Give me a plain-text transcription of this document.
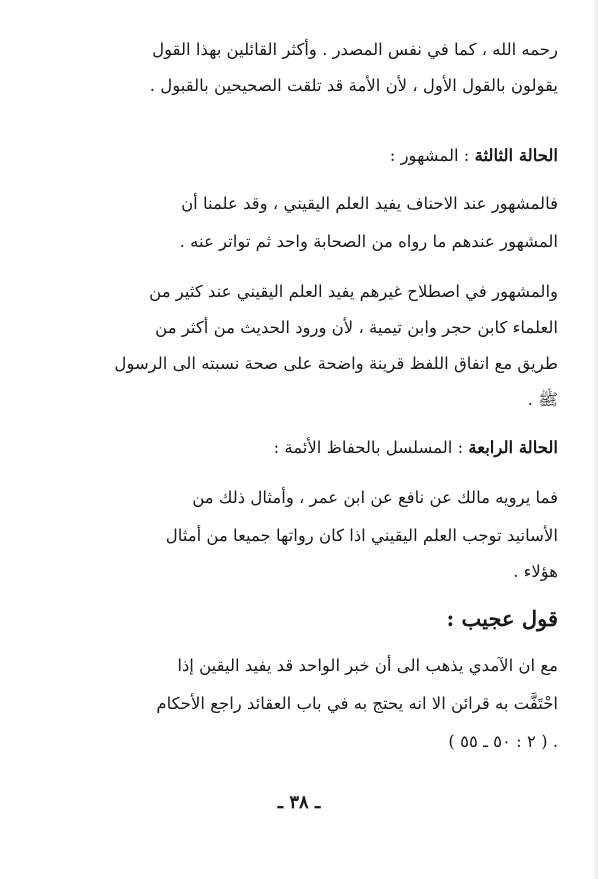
رحمه الله ، كما في نفس المصدر . وأكثر القائلين بهذا القول
يقولون بالقول الأول ، لأن الأمة قد تلقت الصحيحين بالقبول .
الحالة الثالثة : المشهور :
فالمشهور عند الاحناف يفيد العلم اليقيني ، وقد علمنا أن
المشهور عندهم ما رواه من الصحابة واحد ثم تواتر عنه .
والمشهور في اصطلاح غيرهم يفيد العلم اليقيني عند كثير من
العلماء كابن حجر وابن تيمية ، لأن ورود الحديث من أكثر من
طريق مع اتفاق اللفظ قرينة واضحة على صحة نسبته الى الرسول
ﷺ .
الحالة الرابعة : المسلسل بالحفاظ الأئمة :
فما يرويه مالك عن نافع عن ابن عمر ، وأمثال ذلك من
الأسانيد توجب العلم اليقيني اذا كان رواتها جميعا من أمثال
هؤلاء .
قول عجيب :
مع ان الآمدي يذهب الى أن خبر الواحد قد يفيد اليقين إذا
احْتَفَّت به قرائن الا انه يحتج به في باب العقائد راجع الأحكام
. ( ٢ : ٥٠ ـ ٥٥ )
ـ ٣٨ ـ
